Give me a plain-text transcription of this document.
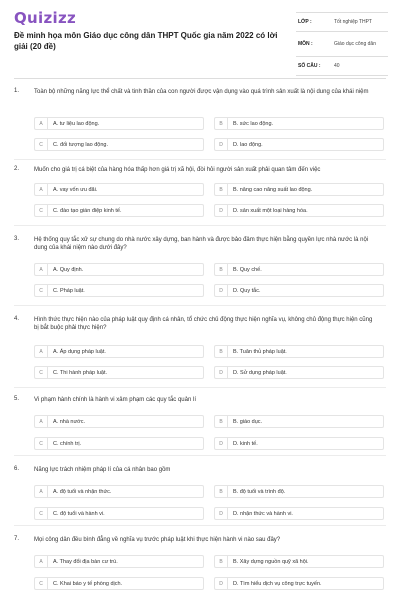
Quizizz
Đề minh họa môn Giáo dục công dân THPT Quốc gia năm 2022 có lời giải (20 đề)
LỚP :	Tốt nghiệp THPT
MÔN :	Giáo dục công dân
SỐ CÂU :	40
1. Toàn bộ những năng lực thể chất và tinh thần của con người được vận dụng vào quá trình sản xuất là nội dung của khái niệm
A	A. tư liệu lao động.	B	B. sức lao động.
C	C. đối tượng lao động.	D	D. lao động.
2. Muốn cho giá trị cá biệt của hàng hóa thấp hơn giá trị xã hội, đòi hỏi người sản xuất phải quan tâm đến việc
A	A. vay vốn ưu đãi.	B	B. nâng cao năng suất lao động.
C	C. đào tạo gián điệp kinh tế.	D	D. sản xuất một loại hàng hóa.
3. Hệ thống quy tắc xử sự chung do nhà nước xây dựng, ban hành và được bảo đảm thực hiện bằng quyền lực nhà nước là nội dung của khái niệm nào dưới đây?
A	A. Quy định.	B	B. Quy chế.
C	C. Pháp luật.	D	D. Quy tắc.
4. Hình thức thực hiện nào của pháp luật quy định cá nhân, tổ chức chủ động thực hiện nghĩa vụ, không chủ động thực hiện cũng bị bắt buộc phải thực hiện?
A	A. Áp dụng pháp luật.	B	B. Tuân thủ pháp luật.
C	C. Thi hành pháp luật.	D	D. Sử dụng pháp luật.
5. Vi phạm hành chính là hành vi xâm phạm các quy tắc quản lí
A	A. nhà nước.	B	B. giáo dục.
C	C. chính trị.	D	D. kinh tế.
6. Năng lực trách nhiệm pháp lí của cá nhân bao gồm
A	A. độ tuổi và nhận thức.	B	B. độ tuổi và trình độ.
C	C. độ tuổi và hành vi.	D	D. nhận thức và hành vi.
7. Mọi công dân đều bình đẳng về nghĩa vụ trước pháp luật khi thực hiện hành vi nào sau đây?
A	A. Thay đổi địa bàn cư trú.	B	B. Xây dựng nguồn quỹ xã hội.
C	C. Khai báo y tế phòng dịch.	D	D. Tìm hiểu dịch vụ công trực tuyến.
